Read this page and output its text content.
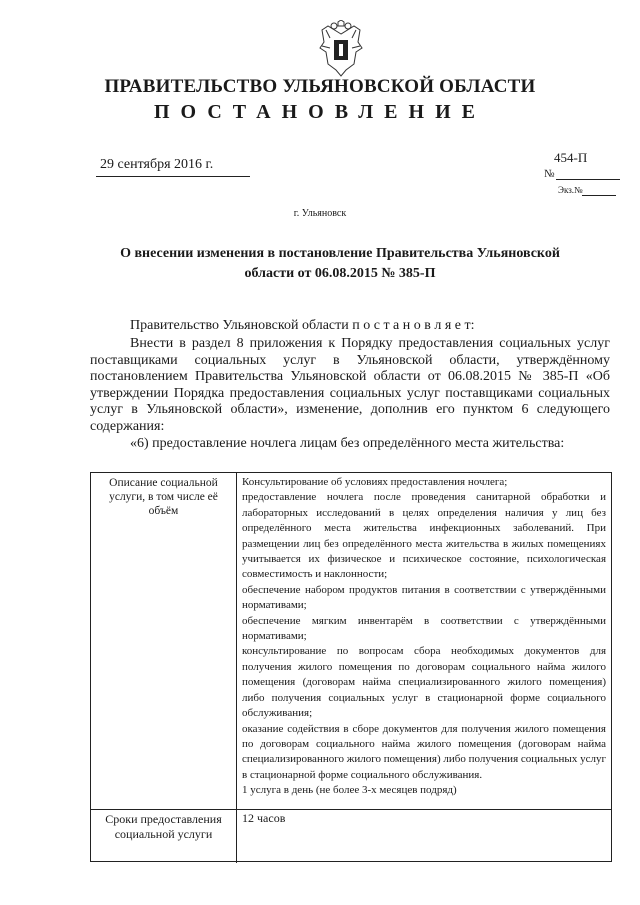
ПРАВИТЕЛЬСТВО УЛЬЯНОВСКОЙ ОБЛАСТИ
ПОСТАНОВЛЕНИЕ
29 сентября 2016 г.	454-П
№
Экз.№
г. Ульяновск
О внесении изменения в постановление Правительства Ульяновской области от 06.08.2015 № 385-П
Правительство Ульяновской области п о с т а н о в л я е т:
Внести в раздел 8 приложения к Порядку предоставления социальных услуг поставщиками социальных услуг в Ульяновской области, утверждённому постановлением Правительства Ульяновской области от 06.08.2015 № 385-П «Об утверждении Порядка предоставления социальных услуг поставщиками социальных услуг в Ульяновской области», изменение, дополнив его пунктом 6 следующего содержания:
«6) предоставление ночлега лицам без определённого места жительства:
Описание социальной услуги, в том числе её объём

Консультирование об условиях предоставления ночлега;

предоставление ночлега после проведения санитарной обработки и лабораторных исследований в целях определения наличия у лиц без определённого места жительства инфекционных заболеваний. При размещении лиц без определённого места жительства в жилых помещениях учитывается их физическое и психическое состояние, психологическая совместимость и наклонности;

обеспечение набором продуктов питания в соответствии с утверждёнными нормативами;

обеспечение мягким инвентарём в соответствии с утверждёнными нормативами;

консультирование по вопросам сбора необходимых документов для получения жилого помещения по договорам социального найма жилого помещения (договорам найма специализированного жилого помещения) либо получения социальных услуг в стационарной форме социального обслуживания;

оказание содействия в сборе документов для получения жилого помещения по договорам социального найма жилого помещения (договорам найма специализированного жилого помещения) либо получения социальных услуг в стационарной форме социального обслуживания.

1 услуга в день (не более 3-х месяцев подряд)

Сроки предоставления социальной услуги
12 часов
